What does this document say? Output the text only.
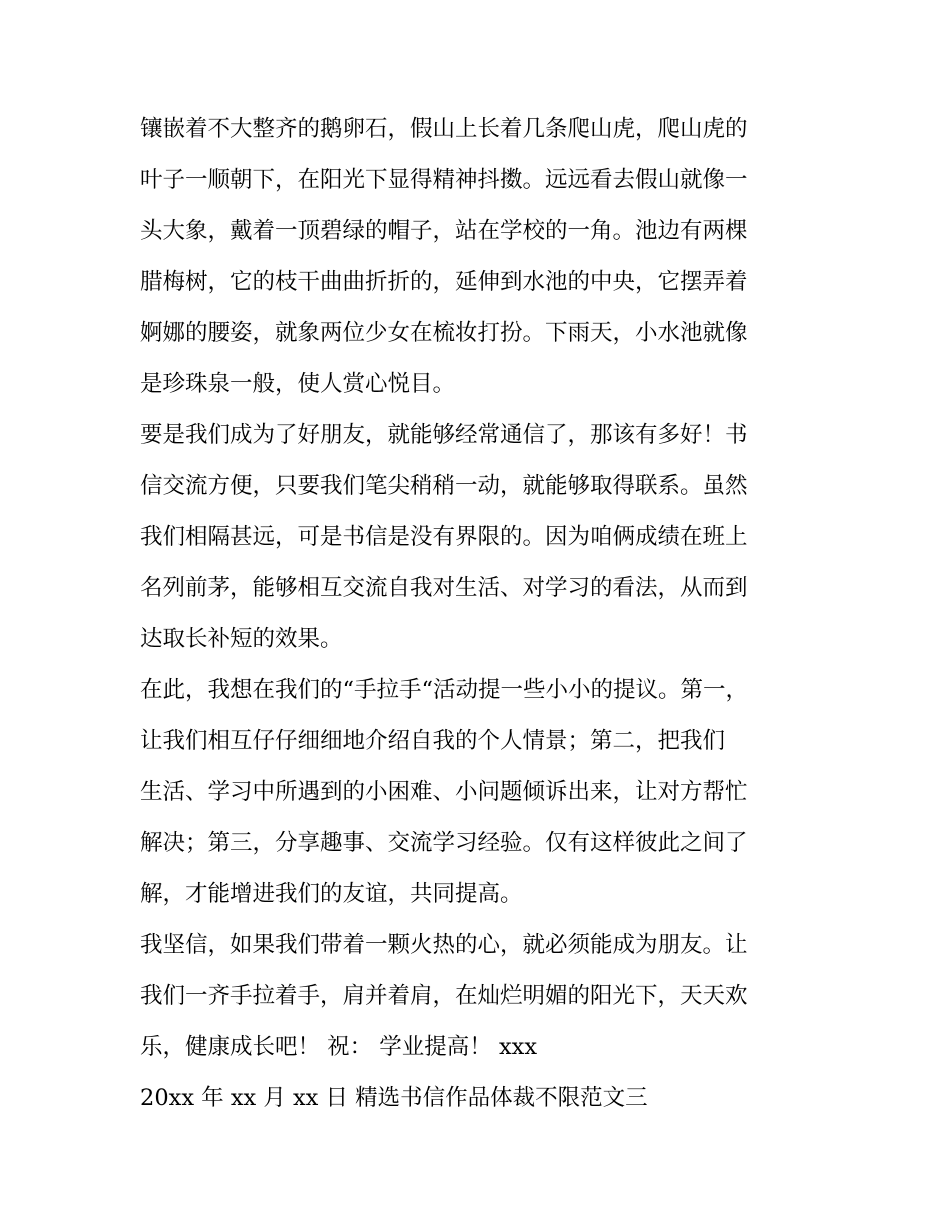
镶嵌着不大整齐的鹅卵石，假山上长着几条爬山虎，爬山虎的
叶子一顺朝下，在阳光下显得精神抖擞。远远看去假山就像一
头大象，戴着一顶碧绿的帽子，站在学校的一角。池边有两棵
腊梅树，它的枝干曲曲折折的，延伸到水池的中央，它摆弄着
婀娜的腰姿，就象两位少女在梳妆打扮。下雨天，小水池就像
是珍珠泉一般，使人赏心悦目。
要是我们成为了好朋友，就能够经常通信了，那该有多好！书
信交流方便，只要我们笔尖稍稍一动，就能够取得联系。虽然
我们相隔甚远，可是书信是没有界限的。因为咱俩成绩在班上
名列前茅，能够相互交流自我对生活、对学习的看法，从而到
达取长补短的效果。
在此，我想在我们的“手拉手“活动提一些小小的提议。第一，
让我们相互仔仔细细地介绍自我的个人情景；第二，把我们
生活、学习中所遇到的小困难、小问题倾诉出来，让对方帮忙
解决；第三，分享趣事、交流学习经验。仅有这样彼此之间了
解，才能增进我们的友谊，共同提高。
我坚信，如果我们带着一颗火热的心，就必须能成为朋友。让
我们一齐手拉着手，肩并着肩，在灿烂明媚的阳光下，天天欢
乐，健康成长吧！ 祝： 学业提高！ xxx
20xx 年 xx 月 xx 日 精选书信作品体裁不限范文三
